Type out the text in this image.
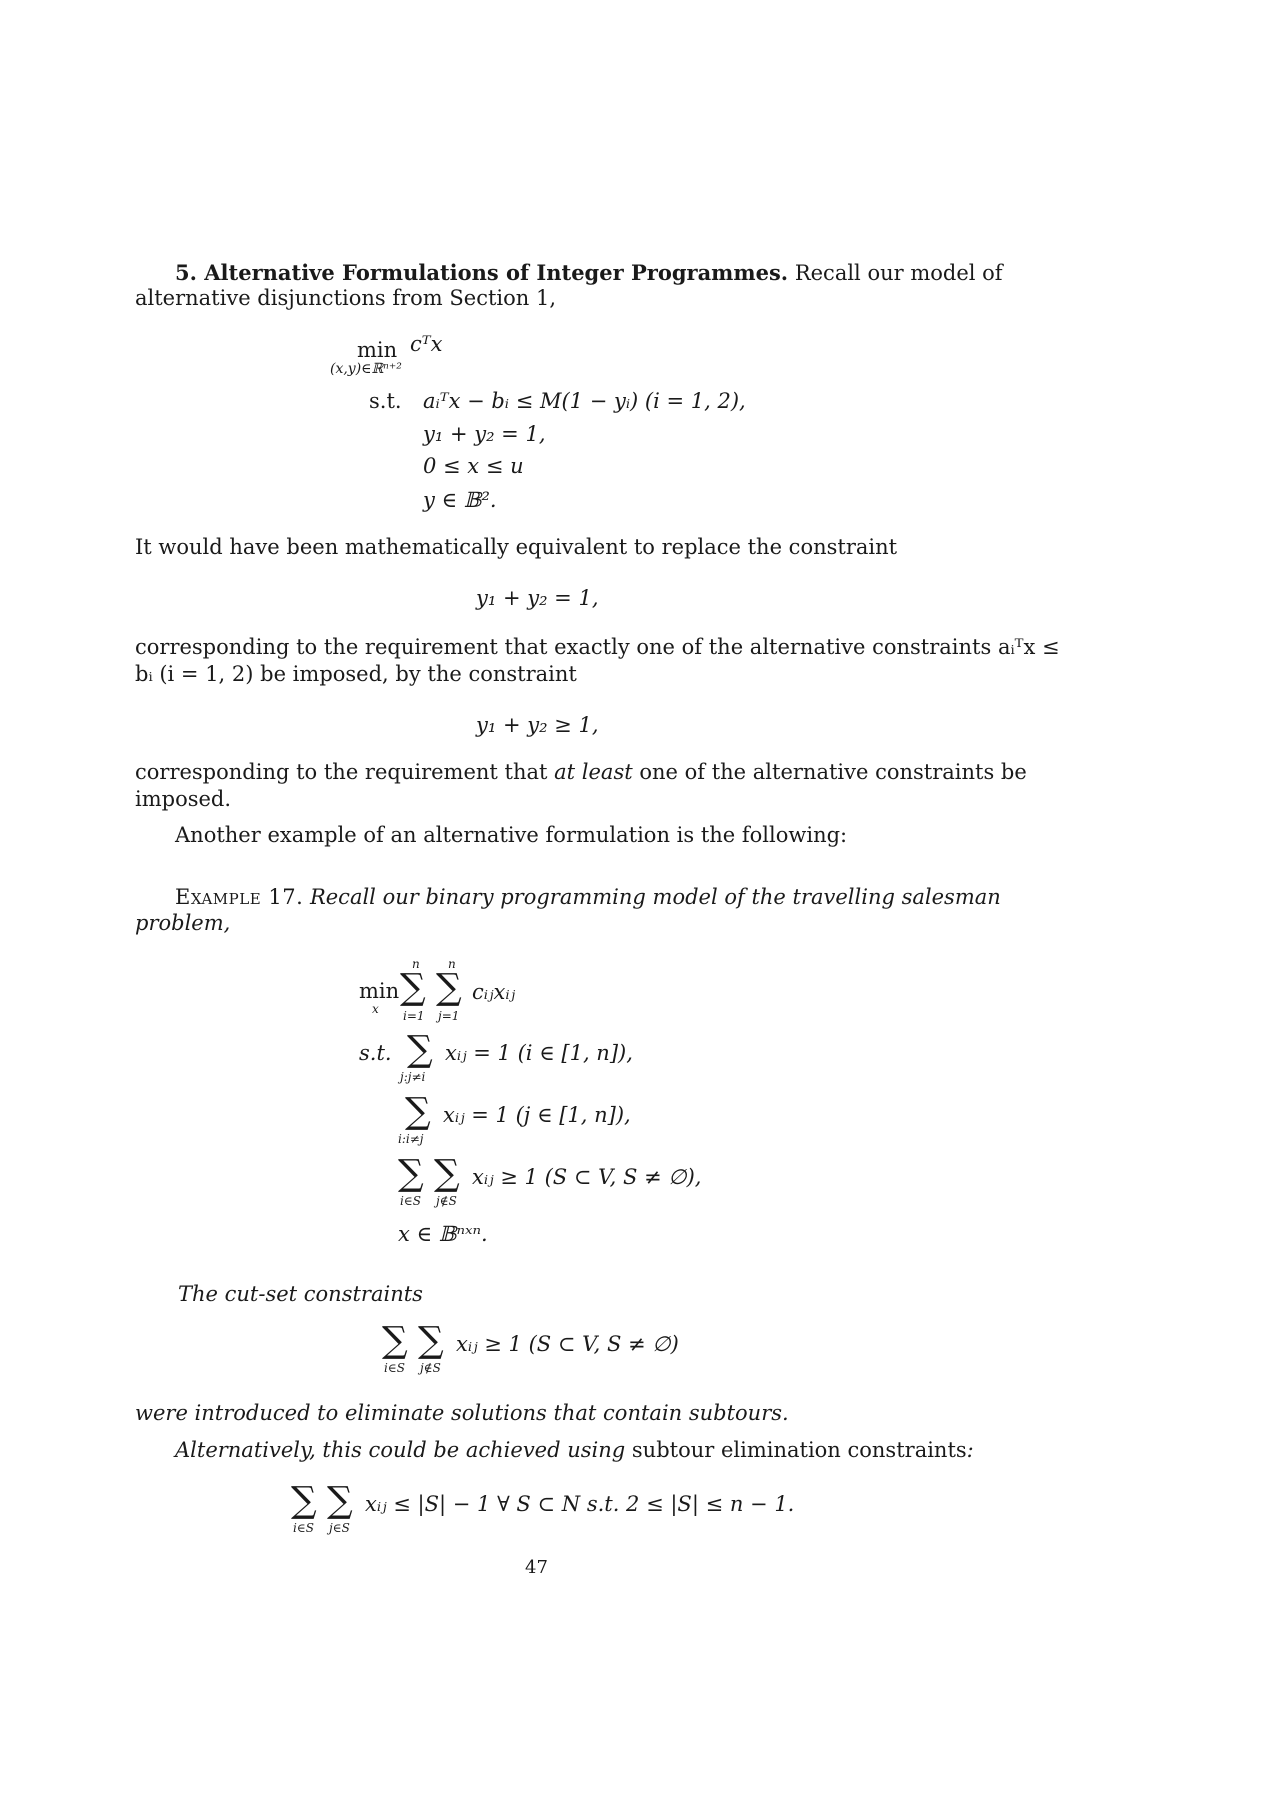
5. Alternative Formulations of Integer Programmes. Recall our model of
alternative disjunctions from Section 1,
min
(x,y)∈ℝⁿ⁺²
cᵀx
s.t. aᵢᵀx − bᵢ ≤ M(1 − yᵢ) (i = 1, 2),
y₁ + y₂ = 1,
0 ≤ x ≤ u
y ∈ 𝔹².
It would have been mathematically equivalent to replace the constraint
y₁ + y₂ = 1,
corresponding to the requirement that exactly one of the alternative constraints aᵢᵀx ≤
bᵢ (i = 1, 2) be imposed, by the constraint
y₁ + y₂ ≥ 1,
corresponding to the requirement that at least one of the alternative constraints be
imposed.
Another example of an alternative formulation is the following:
Example 17. Recall our binary programming model of the travelling salesman
problem,
min
x
n n
∑ ∑
i=1 j=1
cᵢⱼxᵢⱼ
s.t. ∑
j:j≠i
xᵢⱼ = 1 (i ∈ [1, n]),
∑
i:i≠j
xᵢⱼ = 1 (j ∈ [1, n]),
∑ ∑
i∈S j∉S
xᵢⱼ ≥ 1 (S ⊂ V, S ≠ ∅),
x ∈ 𝔹ⁿˣⁿ.
The cut-set constraints
∑ ∑
i∈S j∉S
xᵢⱼ ≥ 1 (S ⊂ V, S ≠ ∅)
were introduced to eliminate solutions that contain subtours.
Alternatively, this could be achieved using subtour elimination constraints:
∑ ∑
i∈S j∈S
xᵢⱼ ≤ |S| − 1 ∀ S ⊂ N s.t. 2 ≤ |S| ≤ n − 1.
47
